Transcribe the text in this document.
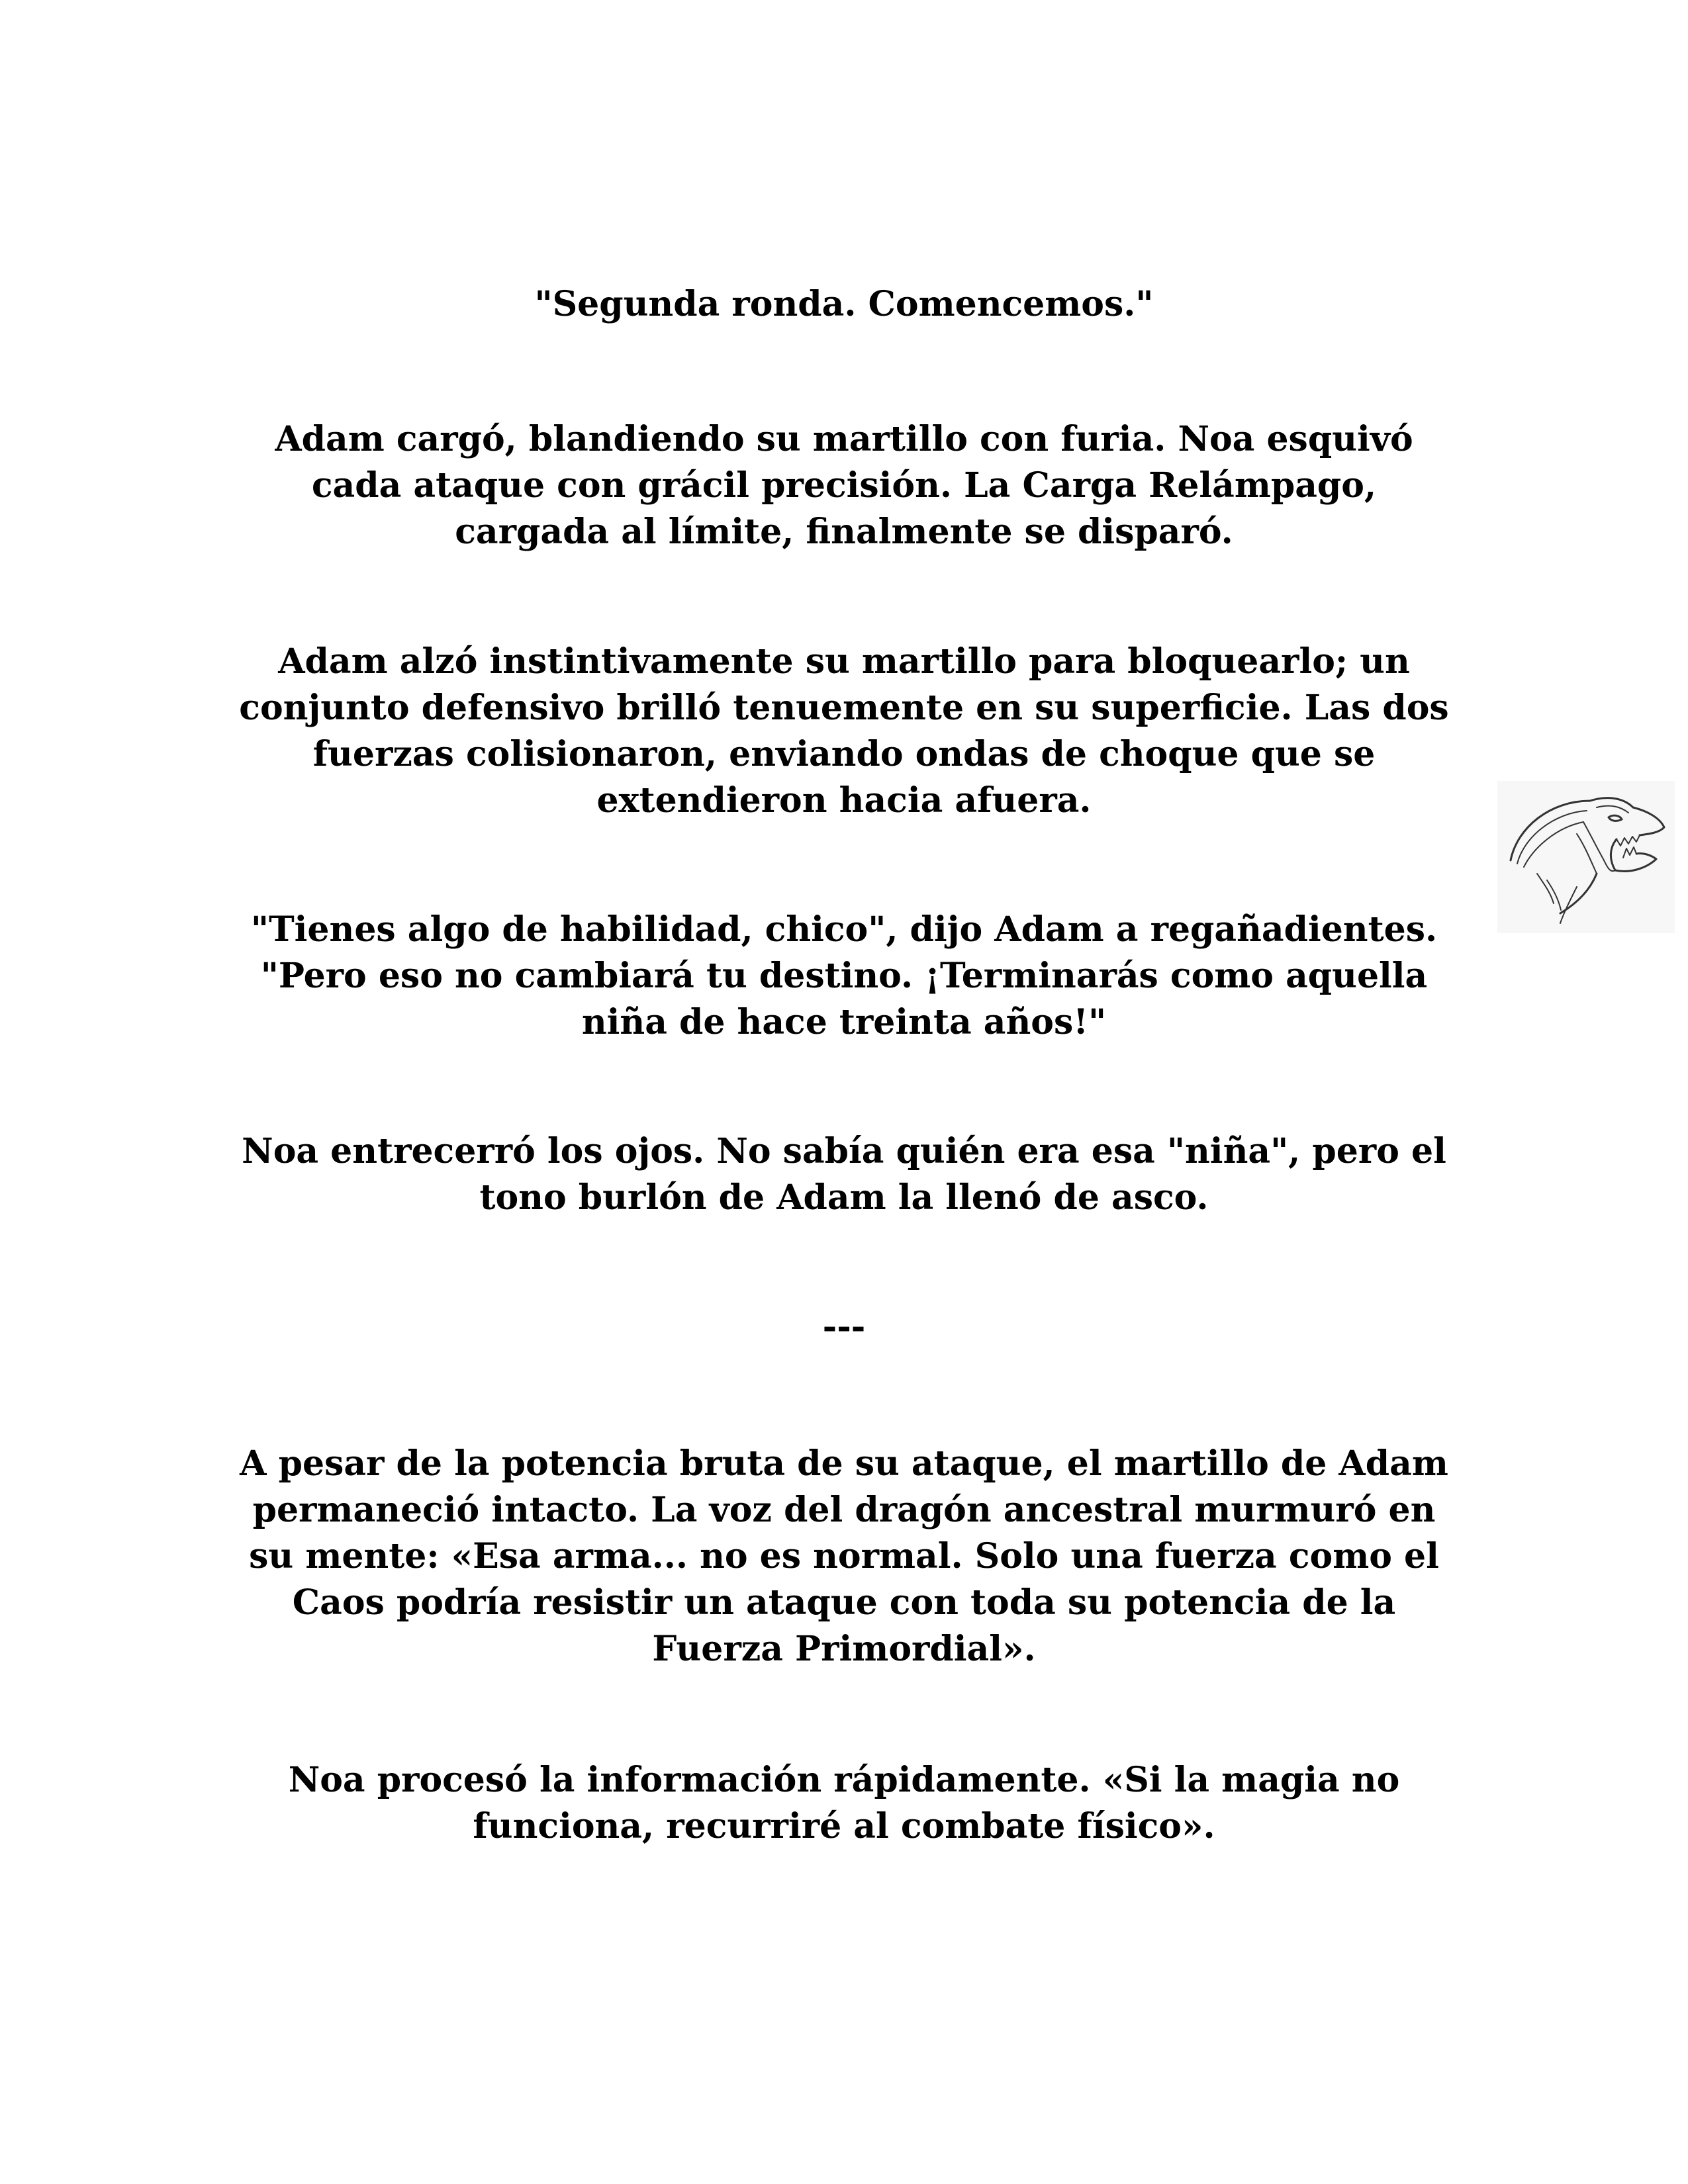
"Segunda ronda. Comencemos."

Adam cargó, blandiendo su martillo con furia. Noa esquivó
cada ataque con grácil precisión. La Carga Relámpago,
cargada al límite, finalmente se disparó.

Adam alzó instintivamente su martillo para bloquearlo; un
conjunto defensivo brilló tenuemente en su superficie. Las dos
fuerzas colisionaron, enviando ondas de choque que se
extendieron hacia afuera.

"Tienes algo de habilidad, chico", dijo Adam a regañadientes.
"Pero eso no cambiará tu destino. ¡Terminarás como aquella
niña de hace treinta años!"

Noa entrecerró los ojos. No sabía quién era esa "niña", pero el
tono burlón de Adam la llenó de asco.

---

A pesar de la potencia bruta de su ataque, el martillo de Adam
permaneció intacto. La voz del dragón ancestral murmuró en
su mente: «Esa arma... no es normal. Solo una fuerza como el
Caos podría resistir un ataque con toda su potencia de la
Fuerza Primordial».

Noa procesó la información rápidamente. «Si la magia no
funciona, recurriré al combate físico».
